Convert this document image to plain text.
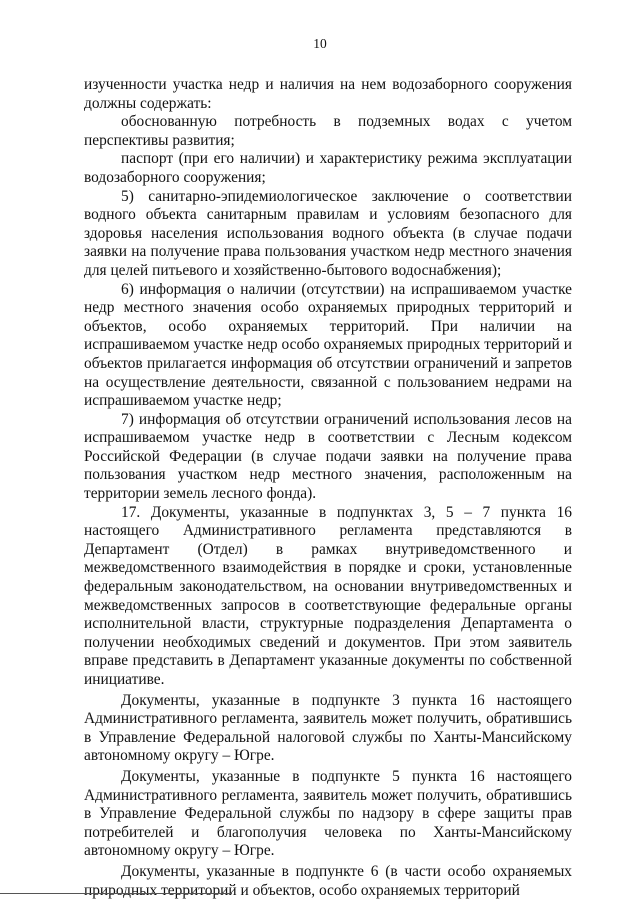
10

изученности участка недр и наличия на нем водозаборного сооружения должны содержать:

обоснованную потребность в подземных водах с учетом перспективы развития;

паспорт (при его наличии) и характеристику режима эксплуатации водозаборного сооружения;

5) санитарно-эпидемиологическое заключение о соответствии водного объекта санитарным правилам и условиям безопасного для здоровья населения использования водного объекта (в случае подачи заявки на получение права пользования участком недр местного значения для целей питьевого и хозяйственно-бытового водоснабжения);

6) информация о наличии (отсутствии) на испрашиваемом участке недр местного значения особо охраняемых природных территорий и объектов, особо охраняемых территорий. При наличии на испрашиваемом участке недр особо охраняемых природных территорий и объектов прилагается информация об отсутствии ограничений и запретов на осуществление деятельности, связанной с пользованием недрами на испрашиваемом участке недр;

7) информация об отсутствии ограничений использования лесов на испрашиваемом участке недр в соответствии с Лесным кодексом Российской Федерации (в случае подачи заявки на получение права пользования участком недр местного значения, расположенным на территории земель лесного фонда).

17. Документы, указанные в подпунктах 3, 5 – 7 пункта 16 настоящего Административного регламента представляются в Департамент (Отдел) в рамках внутриведомственного и межведомственного взаимодействия в порядке и сроки, установленные федеральным законодательством, на основании внутриведомственных и межведомственных запросов в соответствующие федеральные органы исполнительной власти, структурные подразделения Департамента о получении необходимых сведений и документов. При этом заявитель вправе представить в Департамент указанные документы по собственной инициативе.

Документы, указанные в подпункте 3 пункта 16 настоящего Административного регламента, заявитель может получить, обратившись в Управление Федеральной налоговой службы по Ханты-Мансийскому автономному округу – Югре.

Документы, указанные в подпункте 5 пункта 16 настоящего Административного регламента, заявитель может получить, обратившись в Управление Федеральной службы по надзору в сфере защиты прав потребителей и благополучия человека по Ханты-Мансийскому автономному округу – Югре.

Документы, указанные в подпункте 6 (в части особо охраняемых природных территорий и объектов, особо охраняемых территорий
